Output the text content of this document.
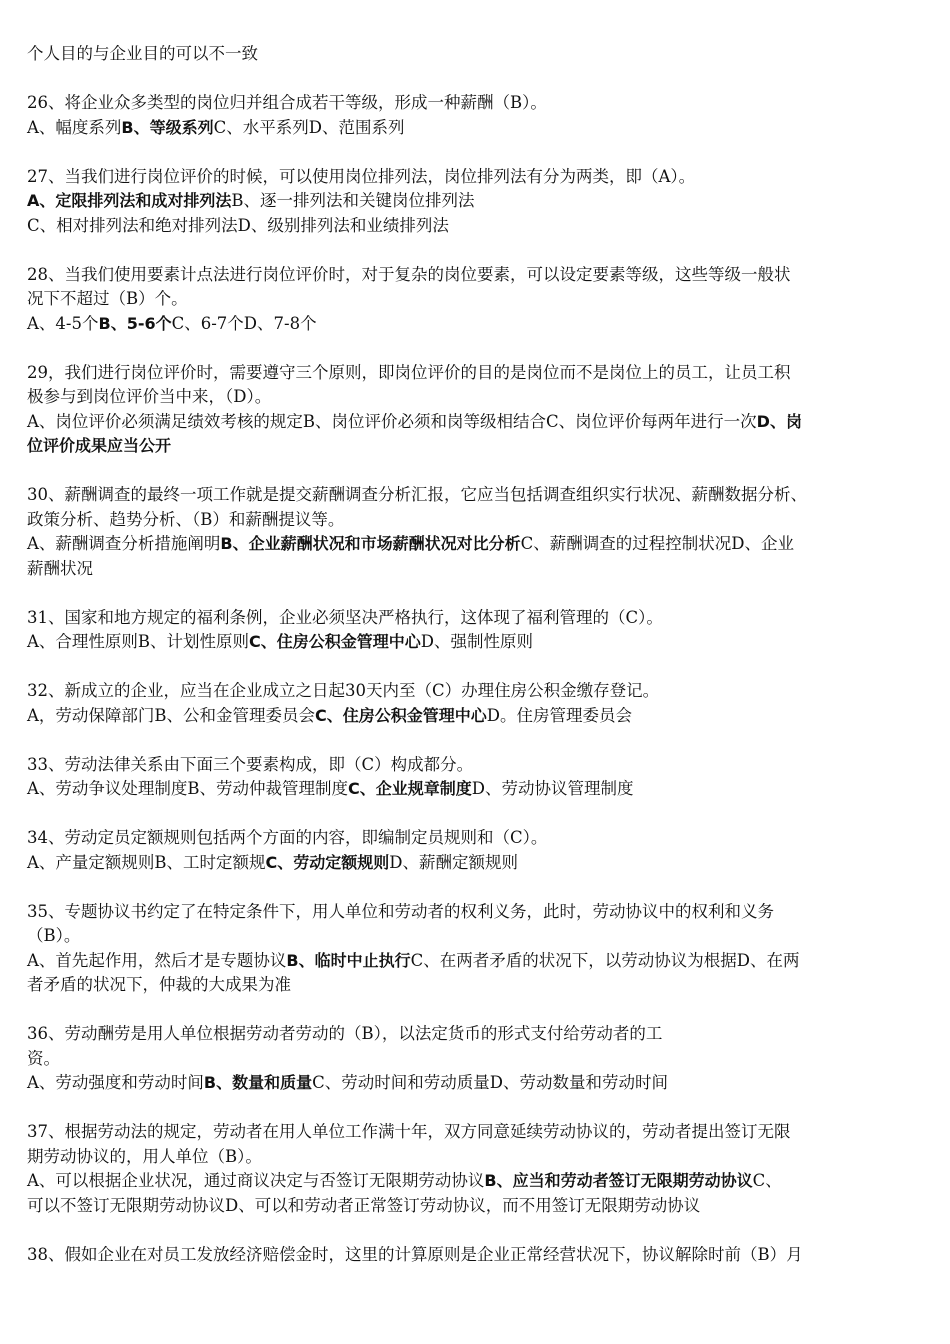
个人目的与企业目的可以不一致
26、将企业众多类型的岗位归并组合成若干等级，形成一种薪酬（B）。
A、幅度系列B、等级系列C、水平系列D、范围系列
27、当我们进行岗位评价的时候，可以使用岗位排列法，岗位排列法有分为两类，即（A）。
A、定限排列法和成对排列法B、逐一排列法和关键岗位排列法
C、相对排列法和绝对排列法D、级别排列法和业绩排列法
28、当我们使用要素计点法进行岗位评价时，对于复杂的岗位要素，可以设定要素等级，这些等级一般状
况下不超过（B）个。
A、4-5个B、5-6个C、6-7个D、7-8个
29，我们进行岗位评价时，需要遵守三个原则，即岗位评价的目的是岗位而不是岗位上的员工，让员工积
极参与到岗位评价当中来，（D）。
A、岗位评价必须满足绩效考核的规定B、岗位评价必须和岗等级相结合C、岗位评价每两年进行一次D、岗
位评价成果应当公开
30、薪酬调查的最终一项工作就是提交薪酬调查分析汇报，它应当包括调查组织实行状况、薪酬数据分析、
政策分析、趋势分析、（B）和薪酬提议等。
A、薪酬调查分析措施阐明B、企业薪酬状况和市场薪酬状况对比分析C、薪酬调查的过程控制状况D、企业
薪酬状况
31、国家和地方规定的福利条例，企业必须坚决严格执行，这体现了福利管理的（C）。
A、合理性原则B、计划性原则C、住房公积金管理中心D、强制性原则
32、新成立的企业，应当在企业成立之日起30天内至（C）办理住房公积金缴存登记。
A，劳动保障部门B、公和金管理委员会C、住房公积金管理中心D。住房管理委员会
33、劳动法律关系由下面三个要素构成，即（C）构成都分。
A、劳动争议处理制度B、劳动仲裁管理制度C、企业规章制度D、劳动协议管理制度
34、劳动定员定额规则包括两个方面的内容，即编制定员规则和（C）。
A、产量定额规则B、工时定额规C、劳动定额规则D、薪酬定额规则
35、专题协议书约定了在特定条件下，用人单位和劳动者的权利义务，此时，劳动协议中的权利和义务
（B）。
A、首先起作用，然后才是专题协议B、临时中止执行C、在两者矛盾的状况下，以劳动协议为根据D、在两
者矛盾的状况下，仲裁的大成果为准
36、劳动酬劳是用人单位根据劳动者劳动的（B），以法定货币的形式支付给劳动者的工
资。
A、劳动强度和劳动时间B、数量和质量C、劳动时间和劳动质量D、劳动数量和劳动时间
37、根据劳动法的规定，劳动者在用人单位工作满十年，双方同意延续劳动协议的，劳动者提出签订无限
期劳动协议的，用人单位（B）。
A、可以根据企业状况，通过商议决定与否签订无限期劳动协议B、应当和劳动者签订无限期劳动协议C、
可以不签订无限期劳动协议D、可以和劳动者正常签订劳动协议，而不用签订无限期劳动协议
38、假如企业在对员工发放经济赔偿金时，这里的计算原则是企业正常经营状况下，协议解除时前（B）月
